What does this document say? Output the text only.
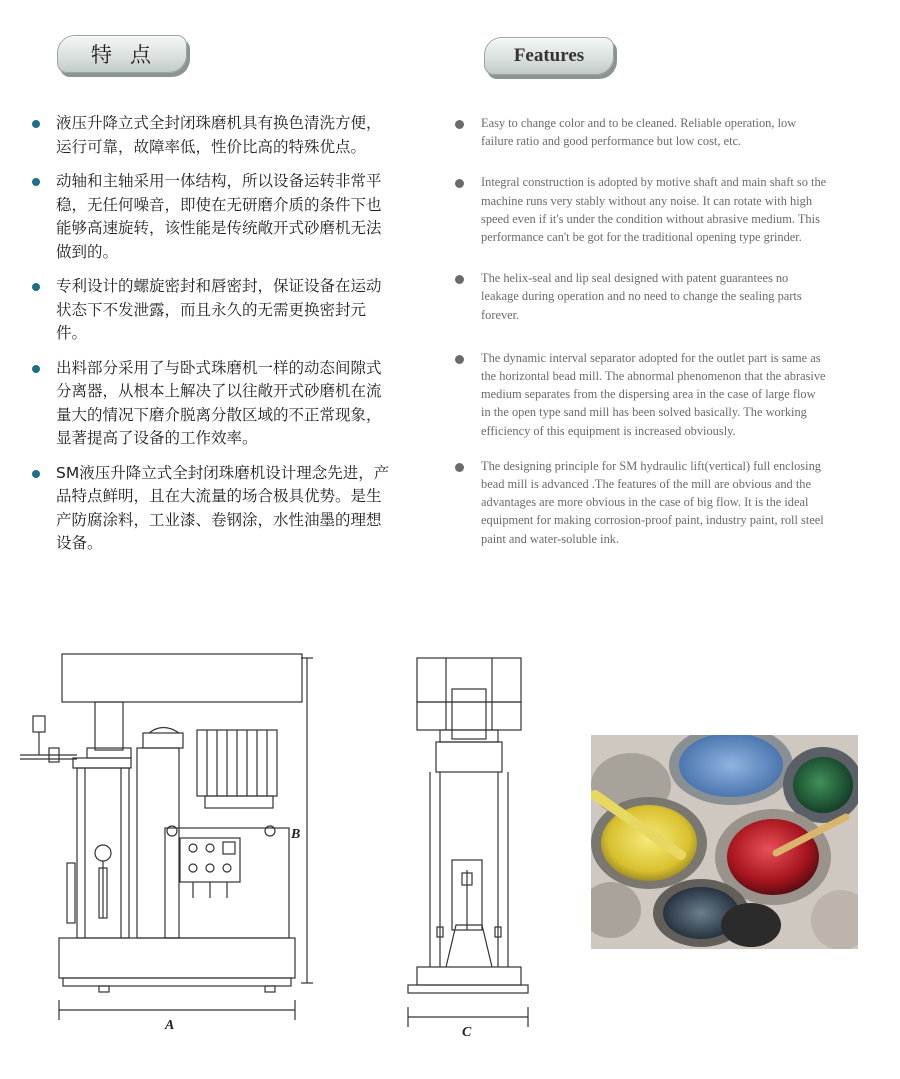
特点	Features
液压升降立式全封闭珠磨机具有换色清洗方便，运行可靠，故障率低，性价比高的特殊优点。
动轴和主轴采用一体结构，所以设备运转非常平稳，无任何噪音，即使在无研磨介质的条件下也能够高速旋转，该性能是传统敞开式砂磨机无法做到的。
专利设计的螺旋密封和唇密封，保证设备在运动状态下不发泄露，而且永久的无需更换密封元件。
出料部分采用了与卧式珠磨机一样的动态间隙式分离器，从根本上解决了以往敞开式砂磨机在流量大的情况下磨介脱离分散区域的不正常现象，显著提高了设备的工作效率。
SM液压升降立式全封闭珠磨机设计理念先进，产品特点鲜明，且在大流量的场合极具优势。是生产防腐涂料，工业漆、卷钢涂，水性油墨的理想设备。
Easy to change color and to be cleaned. Reliable operation, low failure ratio and good performance but low cost, etc.
Integral construction is adopted by motive shaft and main shaft so the machine runs very stably without any noise. It can rotate with high speed even if it's under the condition without abrasive medium. This performance can't be got for the traditional opening type grinder.
The helix-seal and lip seal designed with patent guarantees no leakage during operation and no need to change the sealing parts forever.
The dynamic interval separator adopted for the outlet part is same as the horizontal bead mill. The abnormal phenomenon that the abrasive medium separates from the dispersing area in the case of large flow in the open type sand mill has been solved basically. The working efficiency of this equipment is increased obviously.
The designing principle for SM hydraulic lift(vertical) full enclosing bead mill is advanced .The features of the mill are obvious and the advantages are more obvious in the case of big flow. It is the ideal equipment for making corrosion-proof paint, industry paint, roll steel paint and water-soluble ink.
A
B
C
